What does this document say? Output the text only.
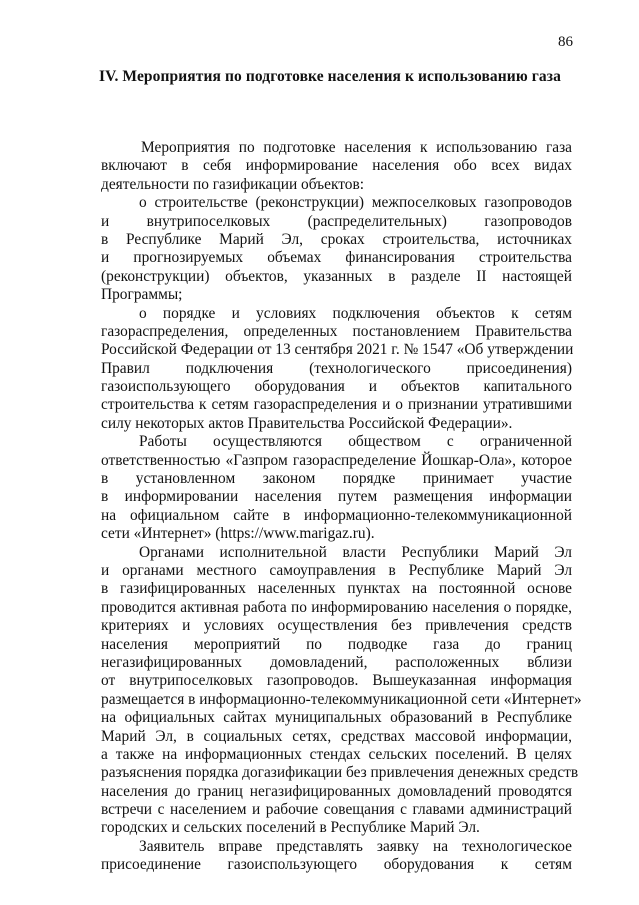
86
IV. Мероприятия по подготовке населения к использованию газа
Мероприятия по подготовке населения к использованию газа
включают в себя информирование населения обо всех видах
деятельности по газификации объектов:
о строительстве (реконструкции) межпоселковых газопроводов
и внутрипоселковых (распределительных) газопроводов
в Республике Марий Эл, сроках строительства, источниках
и прогнозируемых объемах финансирования строительства
(реконструкции) объектов, указанных в разделе II настоящей
Программы;
о порядке и условиях подключения объектов к сетям
газораспределения, определенных постановлением Правительства
Российской Федерации от 13 сентября 2021 г. № 1547 «Об утверждении
Правил подключения (технологического присоединения)
газоиспользующего оборудования и объектов капитального
строительства к сетям газораспределения и о признании утратившими
силу некоторых актов Правительства Российской Федерации».
Работы осуществляются обществом с ограниченной
ответственностью «Газпром газораспределение Йошкар-Ола», которое
в установленном законом порядке принимает участие
в информировании населения путем размещения информации
на официальном сайте в информационно-телекоммуникационной
сети «Интернет» (https://www.marigaz.ru).
Органами исполнительной власти Республики Марий Эл
и органами местного самоуправления в Республике Марий Эл
в газифицированных населенных пунктах на постоянной основе
проводится активная работа по информированию населения о порядке,
критериях и условиях осуществления без привлечения средств
населения мероприятий по подводке газа до границ
негазифицированных домовладений, расположенных вблизи
от внутрипоселковых газопроводов. Вышеуказанная информация
размещается в информационно-телекоммуникационной сети «Интернет»
на официальных сайтах муниципальных образований в Республике
Марий Эл, в социальных сетях, средствах массовой информации,
а также на информационных стендах сельских поселений. В целях
разъяснения порядка догазификации без привлечения денежных средств
населения до границ негазифицированных домовладений проводятся
встречи с населением и рабочие совещания с главами администраций
городских и сельских поселений в Республике Марий Эл.
Заявитель вправе представлять заявку на технологическое
присоединение газоиспользующего оборудования к сетям
